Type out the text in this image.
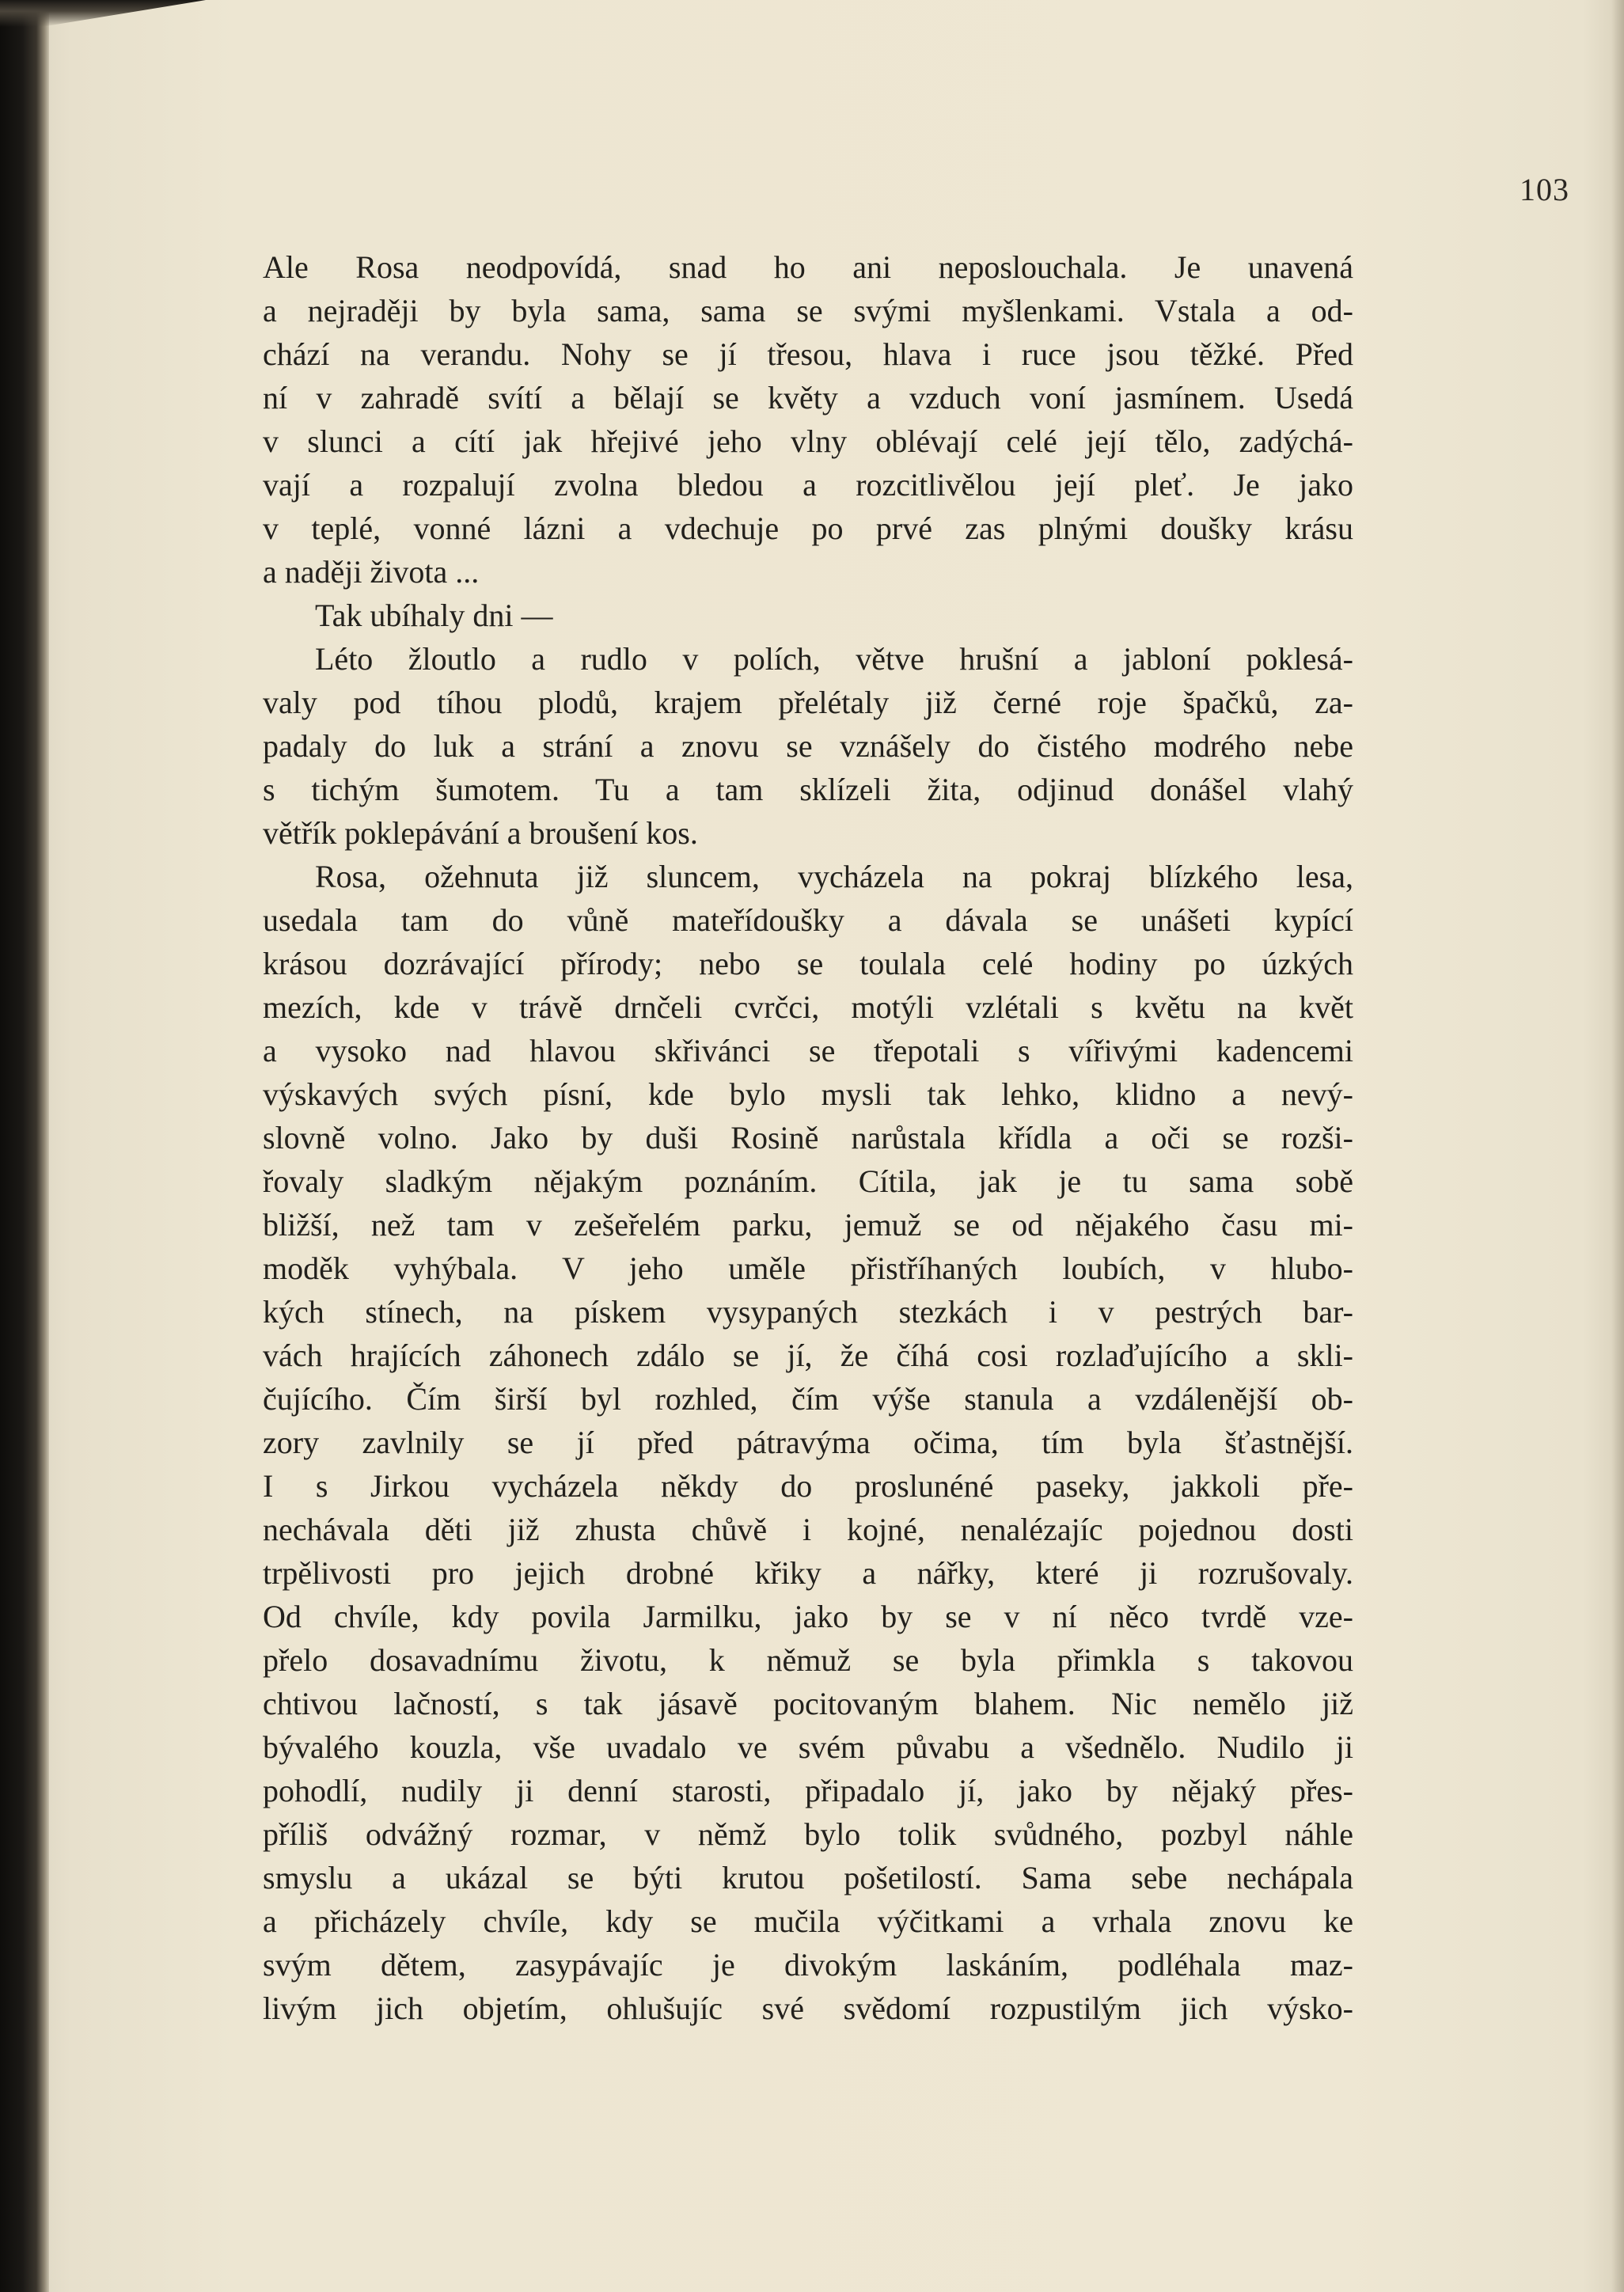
103
Ale Rosa neodpovídá, snad ho ani neposlouchala. Je unavená
a nejraději by byla sama, sama se svými myšlenkami. Vstala a od-
chází na verandu. Nohy se jí třesou, hlava i ruce jsou těžké. Před
ní v zahradě svítí a bělají se květy a vzduch voní jasmínem. Usedá
v slunci a cítí jak hřejivé jeho vlny oblévají celé její tělo, zadýchá-
vají a rozpalují zvolna bledou a rozcitlivělou její pleť. Je jako
v teplé, vonné lázni a vdechuje po prvé zas plnými doušky krásu
a naději života ...
Tak ubíhaly dni —
Léto žloutlo a rudlo v polích, větve hrušní a jabloní poklesá-
valy pod tíhou plodů, krajem přelétaly již černé roje špačků, za-
padaly do luk a strání a znovu se vznášely do čistého modrého nebe
s tichým šumotem. Tu a tam sklízeli žita, odjinud donášel vlahý
větřík poklepávání a broušení kos.
Rosa, ožehnuta již sluncem, vycházela na pokraj blízkého lesa,
usedala tam do vůně mateřídoušky a dávala se unášeti kypící
krásou dozrávající přírody; nebo se toulala celé hodiny po úzkých
mezích, kde v trávě drnčeli cvrčci, motýli vzlétali s květu na květ
a vysoko nad hlavou skřivánci se třepotali s vířivými kadencemi
výskavých svých písní, kde bylo mysli tak lehko, klidno a nevý-
slovně volno. Jako by duši Rosině narůstala křídla a oči se rozši-
řovaly sladkým nějakým poznáním. Cítila, jak je tu sama sobě
bližší, než tam v zešeřelém parku, jemuž se od nějakého času mi-
moděk vyhýbala. V jeho uměle přistříhaných loubích, v hlubo-
kých stínech, na pískem vysypaných stezkách i v pestrých bar-
vách hrajících záhonech zdálo se jí, že číhá cosi rozlaďujícího a skli-
čujícího. Čím širší byl rozhled, čím výše stanula a vzdálenější ob-
zory zavlnily se jí před pátravýma očima, tím byla šťastnější.
I s Jirkou vycházela někdy do proslunéné paseky, jakkoli pře-
nechávala děti již zhusta chůvě i kojné, nenalézajíc pojednou dosti
trpělivosti pro jejich drobné křiky a nářky, které ji rozrušovaly.
Od chvíle, kdy povila Jarmilku, jako by se v ní něco tvrdě vze-
přelo dosavadnímu životu, k němuž se byla přimkla s takovou
chtivou lačností, s tak jásavě pocitovaným blahem. Nic nemělo již
bývalého kouzla, vše uvadalo ve svém půvabu a všednělo. Nudilo ji
pohodlí, nudily ji denní starosti, připadalo jí, jako by nějaký přes-
příliš odvážný rozmar, v němž bylo tolik svůdného, pozbyl náhle
smyslu a ukázal se býti krutou pošetilostí. Sama sebe nechápala
a přicházely chvíle, kdy se mučila výčitkami a vrhala znovu ke
svým dětem, zasypávajíc je divokým laskáním, podléhala maz-
livým jich objetím, ohlušujíc své svědomí rozpustilým jich výsko-
